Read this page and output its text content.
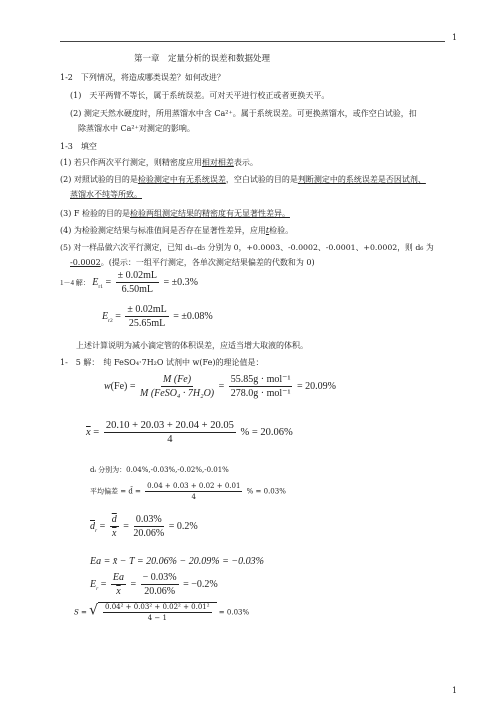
1
第一章　定量分析的误差和数据处理
1-2　下列情况，将造成哪类误差？如何改进？
(1)　天平两臂不等长，属于系统误差。可对天平进行校正或者更换天平。
(2) 测定天然水硬度时，所用蒸馏水中含 Ca²⁺。属于系统误差。可更换蒸馏水，或作空白试验，扣
除蒸馏水中 Ca²⁺对测定的影响。
1-3　填空
(1) 若只作两次平行测定，则精密度应用相对相差表示。
(2) 对照试验的目的是检验测定中有无系统误差，空白试验的目的是判断测定中的系统误差是否因试剂、
蒸馏水不纯等所致。
(3) F 检验的目的是检验两组测定结果的精密度有无显著性差异。
(4) 为检验测定结果与标准值间是否存在显著性差异，应用t检验。
(5) 对一样品做六次平行测定，已知 d₁–d₅ 分别为 0，+0.0003、-0.0002、-0.0001、+0.0002，则 d₆ 为
-0.0002。(提示：一组平行测定，各单次测定结果偏差的代数和为 0)
1－4 解： $E_{r1} = \frac{\pm 0.02mL}{6.50mL} = \pm 0.3\%$
$E_{r2} = \frac{\pm 0.02mL}{25.65mL} = \pm 0.08\%$
上述计算说明为减小滴定管的体积误差，应适当增大取液的体积。
1-　5 解：　纯 FeSO₄·7H₂O 试剂中 w(Fe)的理论值是：
$w(Fe) = \frac{M (Fe)}{\text{M (FeSO₄ · 7H₂O)}} = \frac{\text{55.85g · mol⁻¹}}{\text{278.0g · mol⁻¹}} = 20.09\%$
$\overline{x} = \frac{20.10 + 20.03 + 20.04 + 20.05}{4}$ % = 20.06%
dᵢ 分别为：0.04%,-0.03%,-0.02%,-0.01%
平均偏差 = d̄ = $\frac{0.04 + 0.03 + 0.02 + 0.01}{4}$ % = 0.03%
$\overline{d}_r = \frac{\overline{d}}{x} = \frac{0.03\%}{20.06\%} = 0.2\%$
Ea = x̄ − T = 20.06% − 20.09% = −0.03%
$E_r = \frac{Ea}{x} = \frac{- 0.03\%}{20.06\%} = -0.2\%$
S = √ $\frac{\text{0.04² + 0.03² + 0.02² + 0.01²}}{4 - 1} = 0.03\%$
1
